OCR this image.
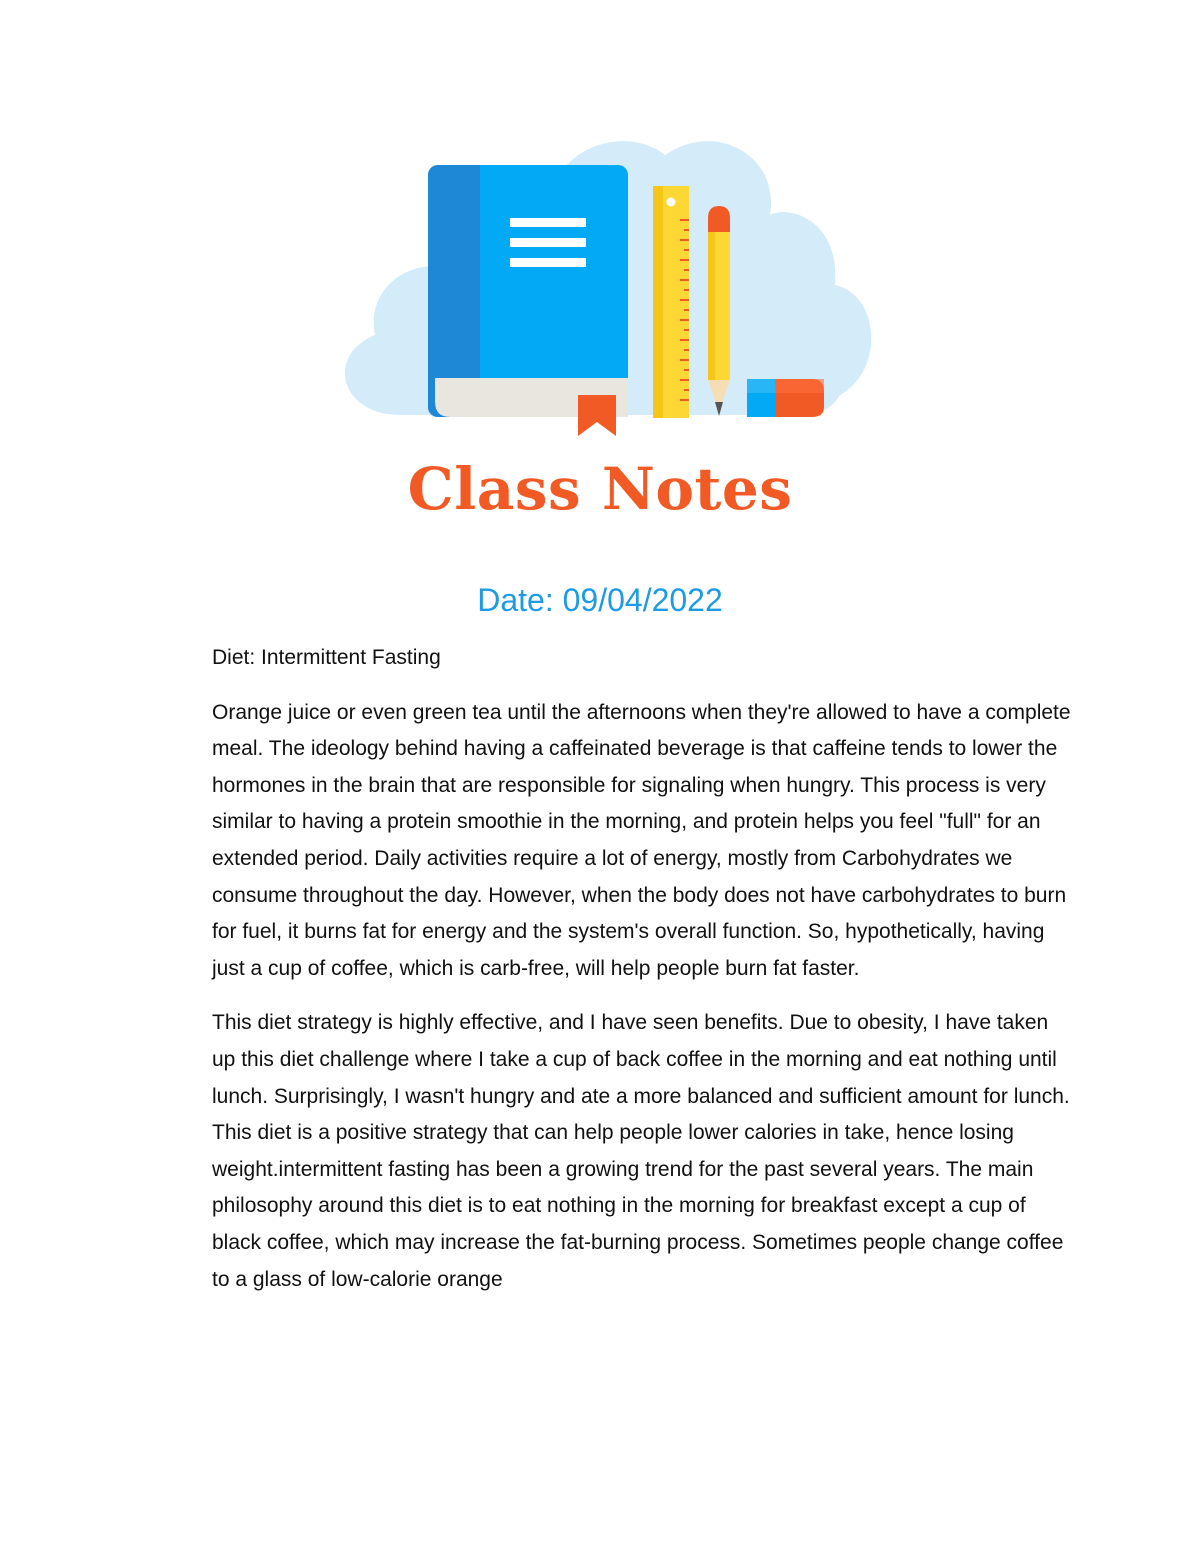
Class Notes
Date: 09/04/2022

Diet: Intermittent Fasting

Orange juice or even green tea until the afternoons when they're allowed to have a complete meal. The ideology behind having a caffeinated beverage is that caffeine tends to lower the hormones in the brain that are responsible for signaling when hungry. This process is very similar to having a protein smoothie in the morning, and protein helps you feel "full" for an extended period. Daily activities require a lot of energy, mostly from Carbohydrates we consume throughout the day. However, when the body does not have carbohydrates to burn for fuel, it burns fat for energy and the system's overall function. So, hypothetically, having just a cup of coffee, which is carb-free, will help people burn fat faster.

This diet strategy is highly effective, and I have seen benefits. Due to obesity, I have taken up this diet challenge where I take a cup of back coffee in the morning and eat nothing until lunch. Surprisingly, I wasn't hungry and ate a more balanced and sufficient amount for lunch. This diet is a positive strategy that can help people lower calories in take, hence losing weight.intermittent fasting has been a growing trend for the past several years. The main philosophy around this diet is to eat nothing in the morning for breakfast except a cup of black coffee, which may increase the fat-burning process. Sometimes people change coffee to a glass of low-calorie orange
